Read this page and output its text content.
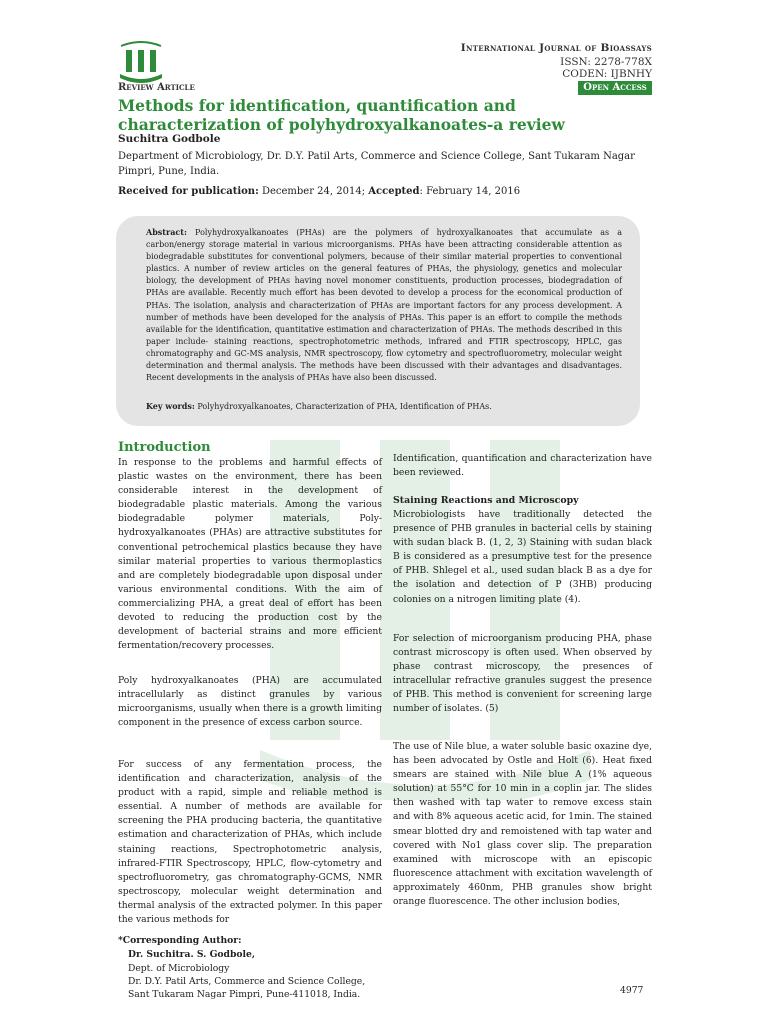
International Journal of Bioassays
ISSN: 2278-778X
CODEN: IJBNHY
Review Article	Open Access
Methods for identification, quantification and characterization of polyhydroxyalkanoates-a review
Suchitra Godbole
Department of Microbiology, Dr. D.Y. Patil Arts, Commerce and Science College, Sant Tukaram Nagar Pimpri, Pune, India.
Received for publication: December 24, 2014; Accepted: February 14, 2016
Abstract: Polyhydroxyalkanoates (PHAs) are the polymers of hydroxyalkanoates that accumulate as a carbon/energy storage material in various microorganisms. PHAs have been attracting considerable attention as biodegradable substitutes for conventional polymers, because of their similar material properties to conventional plastics. A number of review articles on the general features of PHAs, the physiology, genetics and molecular biology, the development of PHAs having novel monomer constituents, production processes, biodegradation of PHAs are available. Recently much effort has been devoted to develop a process for the economical production of PHAs. The isolation, analysis and characterization of PHAs are important factors for any process development. A number of methods have been developed for the analysis of PHAs. This paper is an effort to compile the methods available for the identification, quantitative estimation and characterization of PHAs. The methods described in this paper include- staining reactions, spectrophotometric methods, infrared and FTIR spectroscopy, HPLC, gas chromatography and GC-MS analysis, NMR spectroscopy, flow cytometry and spectrofluorometry, molecular weight determination and thermal analysis. The methods have been discussed with their advantages and disadvantages. Recent developments in the analysis of PHAs have also been discussed.
Key words: Polyhydroxyalkanoates, Characterization of PHA, Identification of PHAs.
Introduction
In response to the problems and harmful effects of plastic wastes on the environment, there has been considerable interest in the development of biodegradable plastic materials. Among the various biodegradable polymer materials, Poly-hydroxyalkanoates (PHAs) are attractive substitutes for conventional petrochemical plastics because they have similar material properties to various thermoplastics and are completely biodegradable upon disposal under various environmental conditions. With the aim of commercializing PHA, a great deal of effort has been devoted to reducing the production cost by the development of bacterial strains and more efficient fermentation/recovery processes.
Poly hydroxyalkanoates (PHA) are accumulated intracellularly as distinct granules by various microorganisms, usually when there is a growth limiting component in the presence of excess carbon source.
For success of any fermentation process, the identification and characterization, analysis of the product with a rapid, simple and reliable method is essential. A number of methods are available for screening the PHA producing bacteria, the quantitative estimation and characterization of PHAs, which include staining reactions, Spectrophotometric analysis, infrared-FTIR Spectroscopy, HPLC, flow-cytometry and spectrofluorometry, gas chromatography-GCMS, NMR spectroscopy, molecular weight determination and thermal analysis of the extracted polymer. In this paper the various methods for
Identification, quantification and characterization have been reviewed.
Staining Reactions and Microscopy
Microbiologists have traditionally detected the presence of PHB granules in bacterial cells by staining with sudan black B. (1, 2, 3) Staining with sudan black B is considered as a presumptive test for the presence of PHB. Shlegel et al., used sudan black B as a dye for the isolation and detection of P (3HB) producing colonies on a nitrogen limiting plate (4).
For selection of microorganism producing PHA, phase contrast microscopy is often used. When observed by phase contrast microscopy, the presences of intracellular refractive granules suggest the presence of PHB. This method is convenient for screening large number of isolates. (5)
The use of Nile blue, a water soluble basic oxazine dye, has been advocated by Ostle and Holt (6). Heat fixed smears are stained with Nile blue A (1% aqueous solution) at 55°C for 10 min in a coplin jar. The slides then washed with tap water to remove excess stain and with 8% aqueous acetic acid, for 1min. The stained smear blotted dry and remoistened with tap water and covered with No1 glass cover slip. The preparation examined with microscope with an episcopic fluorescence attachment with excitation wavelength of approximately 460nm, PHB granules show bright orange fluorescence. The other inclusion bodies,
*Corresponding Author:
Dr. Suchitra. S. Godbole,
Dept. of Microbiology
Dr. D.Y. Patil Arts, Commerce and Science College,
Sant Tukaram Nagar Pimpri, Pune-411018, India.	4977
